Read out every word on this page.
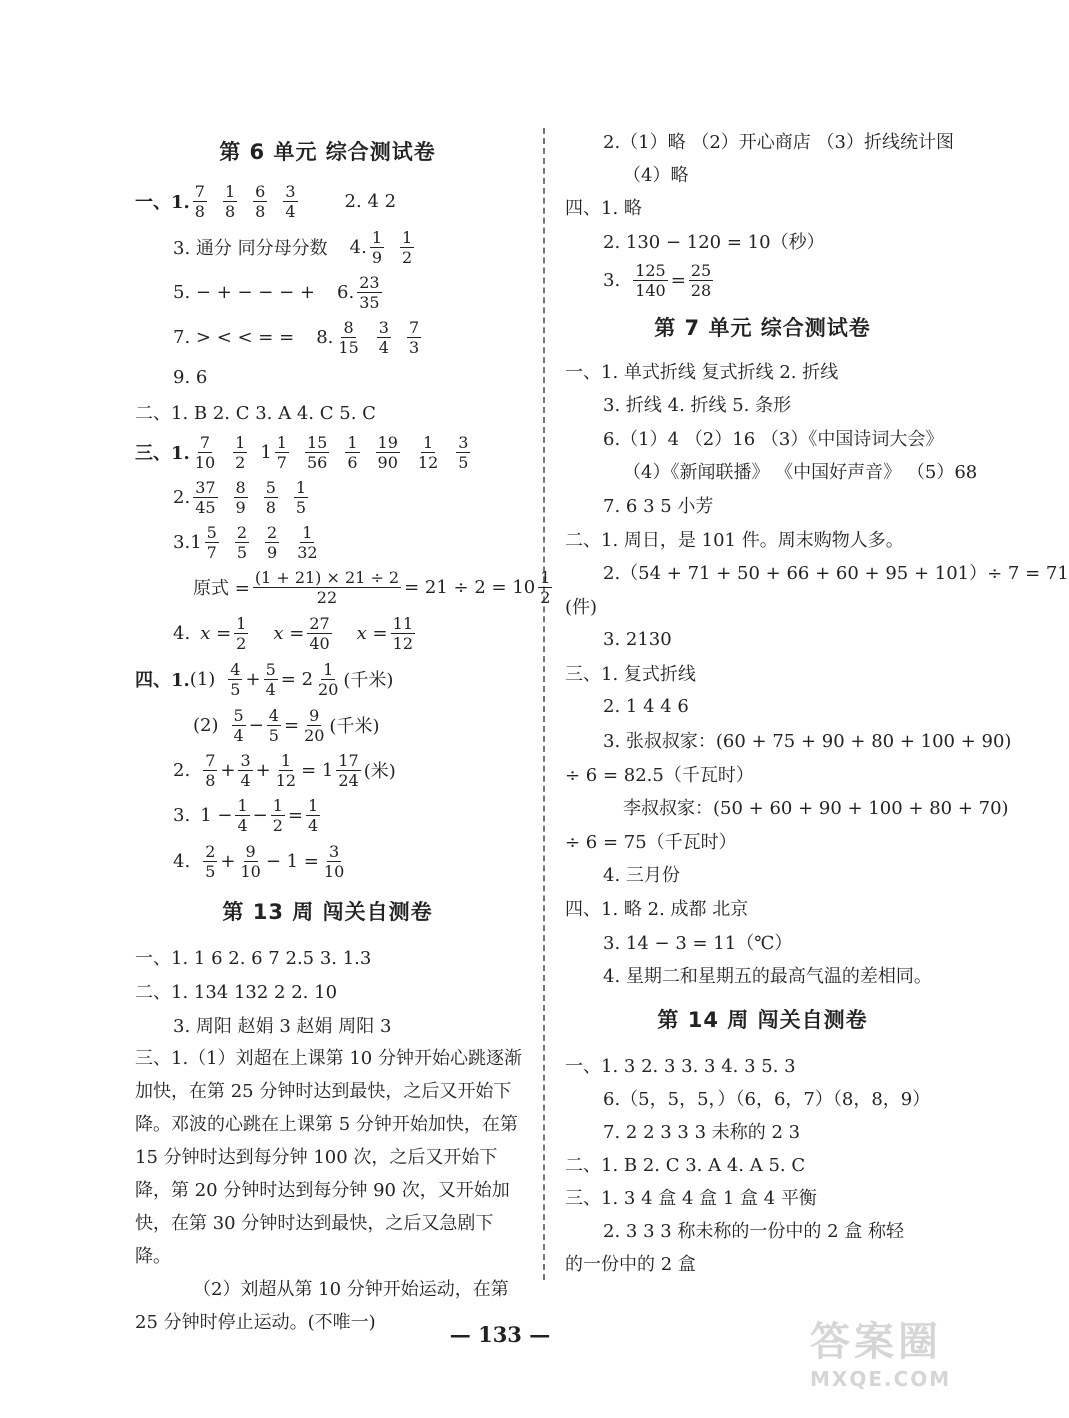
第 6 单元 综合测试卷
一、1. $\frac{7}{8} \frac{1}{8} \frac{6}{8} \frac{3}{4}$	2. 4 2
3. 通分 同分母分数 4. $\frac{1}{9} \frac{1}{2}$
5. − + − − − + 6. $\frac{23}{35}$
7. > < < = = 8. $\frac{8}{15} \frac{3}{4} \frac{7}{3}$
9. 6
二、1. B 2. C 3. A 4. C 5. C
三、1. $\frac{7}{10} \frac{1}{2} 1 \frac{1}{7} \frac{15}{56} \frac{1}{6} \frac{19}{90} \frac{1}{12} \frac{3}{5}$
2. $\frac{37}{45} \frac{8}{9} \frac{5}{8} \frac{1}{5}$
3. $1 \frac{5}{7} \frac{2}{5} \frac{2}{9} \frac{1}{32}$
原式 = $\frac{(1 + 21) \times 21 \div 2}{22} = 21 \div 2 = 10 \frac{1}{2}$
4. $x = \frac{1}{2}$ $x = \frac{27}{40}$ $x = \frac{11}{12}$
四、1. $(1) \frac{4}{5} + \frac{5}{4} = 2 \frac{1}{20}$ (千米)
$(2) \frac{5}{4} - \frac{4}{5} = \frac{9}{20}$ (千米)
2. $\frac{7}{8} + \frac{3}{4} + \frac{1}{12} = 1 \frac{17}{24}$ (米)
3. $1 - \frac{1}{4} - \frac{1}{2} = \frac{1}{4}$
4. $\frac{2}{5} + \frac{9}{10} - 1 = \frac{3}{10}$
第 13 周 闯关自测卷
一、1. 1 6 2. 6 7 2.5 3. 1.3
二、1. 134 132 2 2. 10
3. 周阳 赵娟 3 赵娟 周阳 3
三、1.（1）刘超在上课第 10 分钟开始心跳逐渐加快，在第 25 分钟时达到最快，之后又开始下降。邓波的心跳在上课第 5 分钟开始加快，在第 15 分钟时达到每分钟 100 次，之后又开始下降，第 20 分钟时达到每分钟 90 次，又开始加快，在第 30 分钟时达到最快，之后又急剧下降。
（2）刘超从第 10 分钟开始运动，在第 25 分钟时停止运动。(不唯一)
2.（1）略 （2）开心商店 （3）折线统计图
（4）略
四、1. 略
2. 130 − 120 = 10（秒）
3. $\frac{125}{140} = \frac{25}{28}$
第 7 单元 综合测试卷
一、1. 单式折线 复式折线 2. 折线
3. 折线 4. 折线 5. 条形
6.（1）4 （2）16 （3）《中国诗词大会》
（4）《新闻联播》 《中国好声音》 （5）68
7. 6 3 5 小芳
二、1. 周日，是 101 件。周末购物人多。
2.（54 + 71 + 50 + 66 + 60 + 95 + 101）÷ 7 = 71
(件)
3. 2130
三、1. 复式折线
2. 1 4 4 6
3. 张叔叔家：(60 + 75 + 90 + 80 + 100 + 90)
÷ 6 = 82.5（千瓦时）
李叔叔家：(50 + 60 + 90 + 100 + 80 + 70)
÷ 6 = 75（千瓦时）
4. 三月份
四、1. 略 2. 成都 北京
3. 14 − 3 = 11（℃）
4. 星期二和星期五的最高气温的差相同。
第 14 周 闯关自测卷
一、1. 3 2. 3 3. 3 4. 3 5. 3
6.（5，5，5，）（6，6，7）（8，8，9）
7. 2 2 3 3 3 未称的 2 3
二、1. B 2. C 3. A 4. A 5. C
三、1. 3 4 盒 4 盒 1 盒 4 平衡
2. 3 3 3 称未称的一份中的 2 盒 称轻
的一份中的 2 盒
— 133 —	答案圈
MXQE.COM
